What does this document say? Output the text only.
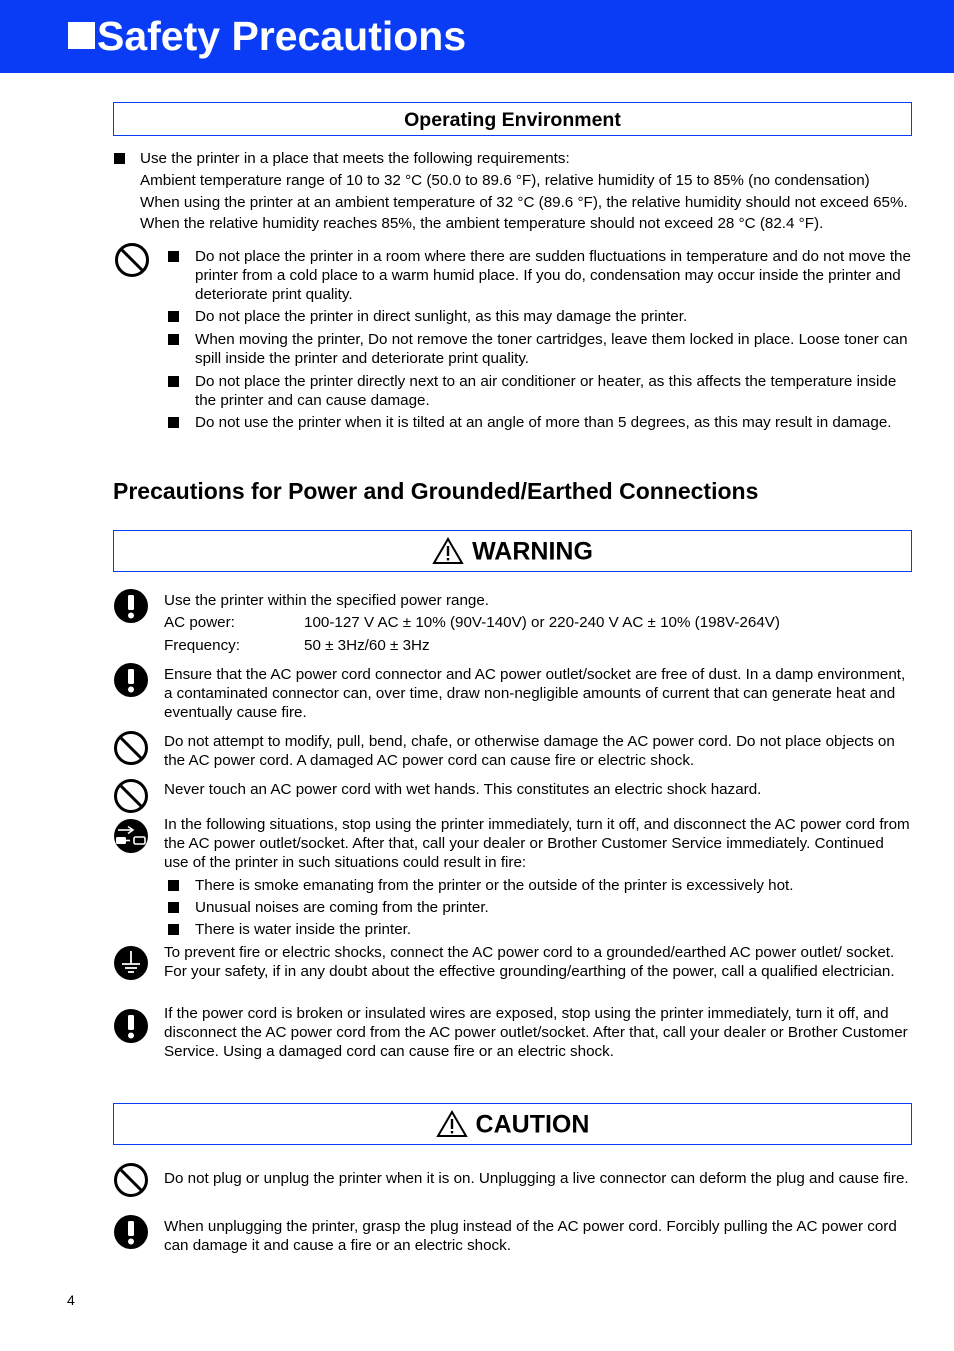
Safety Precautions
Operating Environment
Use the printer in a place that meets the following requirements:
Ambient temperature range of 10 to 32 °C (50.0 to 89.6 °F), relative humidity of 15 to 85% (no condensation)
When using the printer at an ambient temperature of 32 °C (89.6 °F), the relative humidity should not exceed 65%. When the relative humidity reaches 85%, the ambient temperature should not exceed 28 °C (82.4 °F).
Do not place the printer in a room where there are sudden fluctuations in temperature and do not move the printer from a cold place to a warm humid place. If you do, condensation may occur inside the printer and deteriorate print quality.
Do not place the printer in direct sunlight, as this may damage the printer.
When moving the printer, Do not remove the toner cartridges, leave them locked in place. Loose toner can spill inside the printer and deteriorate print quality.
Do not place the printer directly next to an air conditioner or heater, as this affects the temperature inside the printer and can cause damage.
Do not use the printer when it is tilted at an angle of more than 5 degrees, as this may result in damage.
Precautions for Power and Grounded/Earthed Connections
WARNING
Use the printer within the specified power range.
AC power:	100-127 V AC ± 10% (90V-140V) or 220-240 V AC ± 10% (198V-264V)
Frequency:	50 ± 3Hz/60 ± 3Hz
Ensure that the AC power cord connector and AC power outlet/socket are free of dust. In a damp environment, a contaminated connector can, over time, draw non-negligible amounts of current that can generate heat and eventually cause fire.
Do not attempt to modify, pull, bend, chafe, or otherwise damage the AC power cord. Do not place objects on the AC power cord. A damaged AC power cord can cause fire or electric shock.
Never touch an AC power cord with wet hands. This constitutes an electric shock hazard.
In the following situations, stop using the printer immediately, turn it off, and disconnect the AC power cord from the AC power outlet/socket. After that, call your dealer or Brother Customer Service immediately. Continued use of the printer in such situations could result in fire:
There is smoke emanating from the printer or the outside of the printer is excessively hot.
Unusual noises are coming from the printer.
There is water inside the printer.
To prevent fire or electric shocks, connect the AC power cord to a grounded/earthed AC power outlet/ socket. For your safety, if in any doubt about the effective grounding/earthing of the power, call a qualified electrician.
If the power cord is broken or insulated wires are exposed, stop using the printer immediately, turn it off, and disconnect the AC power cord from the AC power outlet/socket. After that, call your dealer or Brother Customer Service. Using a damaged cord can cause fire or an electric shock.
CAUTION
Do not plug or unplug the printer when it is on. Unplugging a live connector can deform the plug and cause fire.
When unplugging the printer, grasp the plug instead of the AC power cord. Forcibly pulling the AC power cord can damage it and cause a fire or an electric shock.
4
